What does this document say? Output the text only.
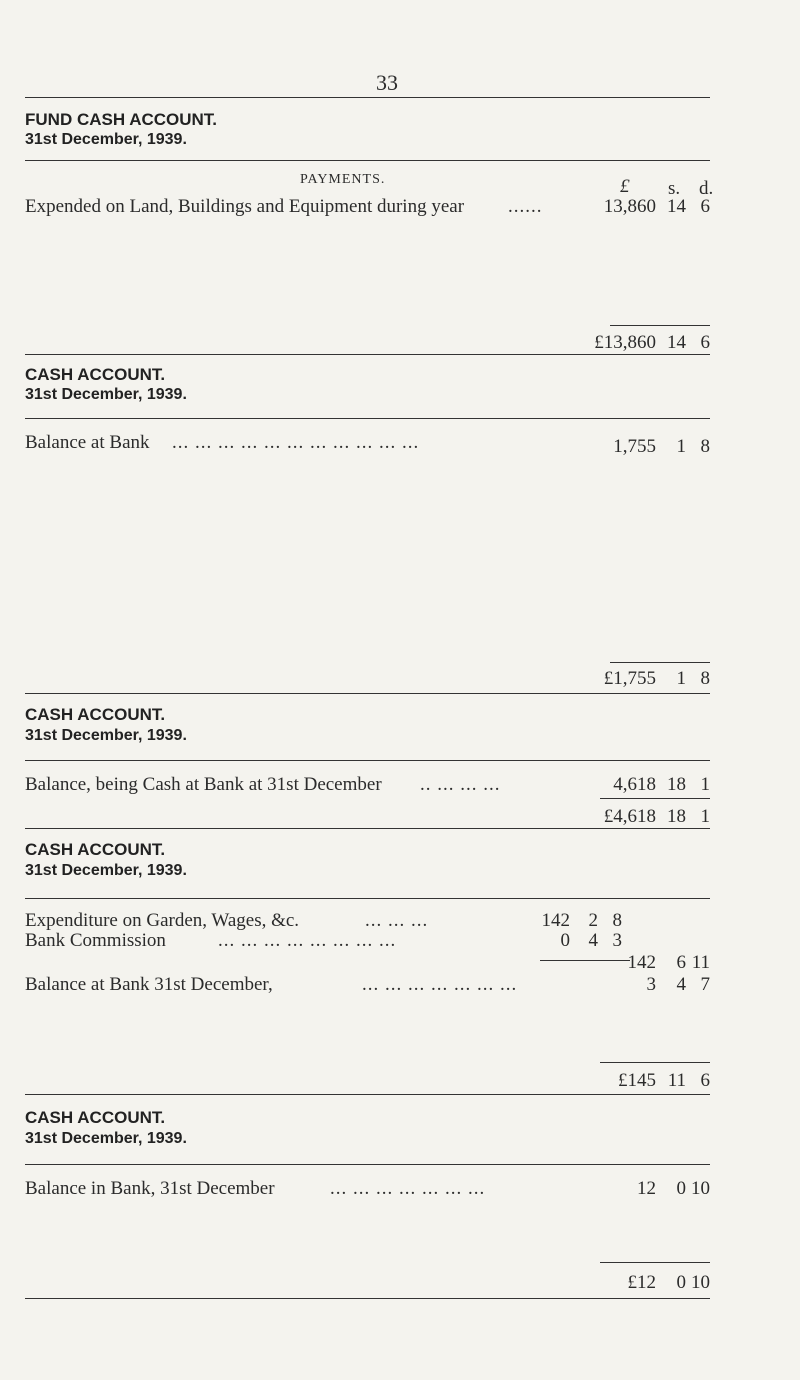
33
FUND CASH ACCOUNT.
31st December, 1939.
PAYMENTS.	£ s. d.
Expended on Land, Buildings and Equipment during year ......	13,860 14 6
£13,860 14 6
CASH ACCOUNT.
31st December, 1939.
Balance at Bank ... ... ... ... ... ... ... ... ... ... ...	1,755	1 8
£1,755	1 8
CASH ACCOUNT.
31st December, 1939.
Balance, being Cash at Bank at 31st December .. ... ... ...	4,618 18 1
£4,618 18 1
CASH ACCOUNT.
31st December, 1939.
Expenditure on Garden, Wages, &c.	... ... ...	142 2 8
Bank Commission	... ... ... ... ... ... ... ...	0 4 3
142	6 11
Balance at Bank 31st December,	... ... ... ... ... ... ...	3	4 7
£145 11 6
CASH ACCOUNT.
31st December, 1939.
Balance in Bank, 31st December	... ... ... ... ... ... ...	12	0 10
£12	0 10
